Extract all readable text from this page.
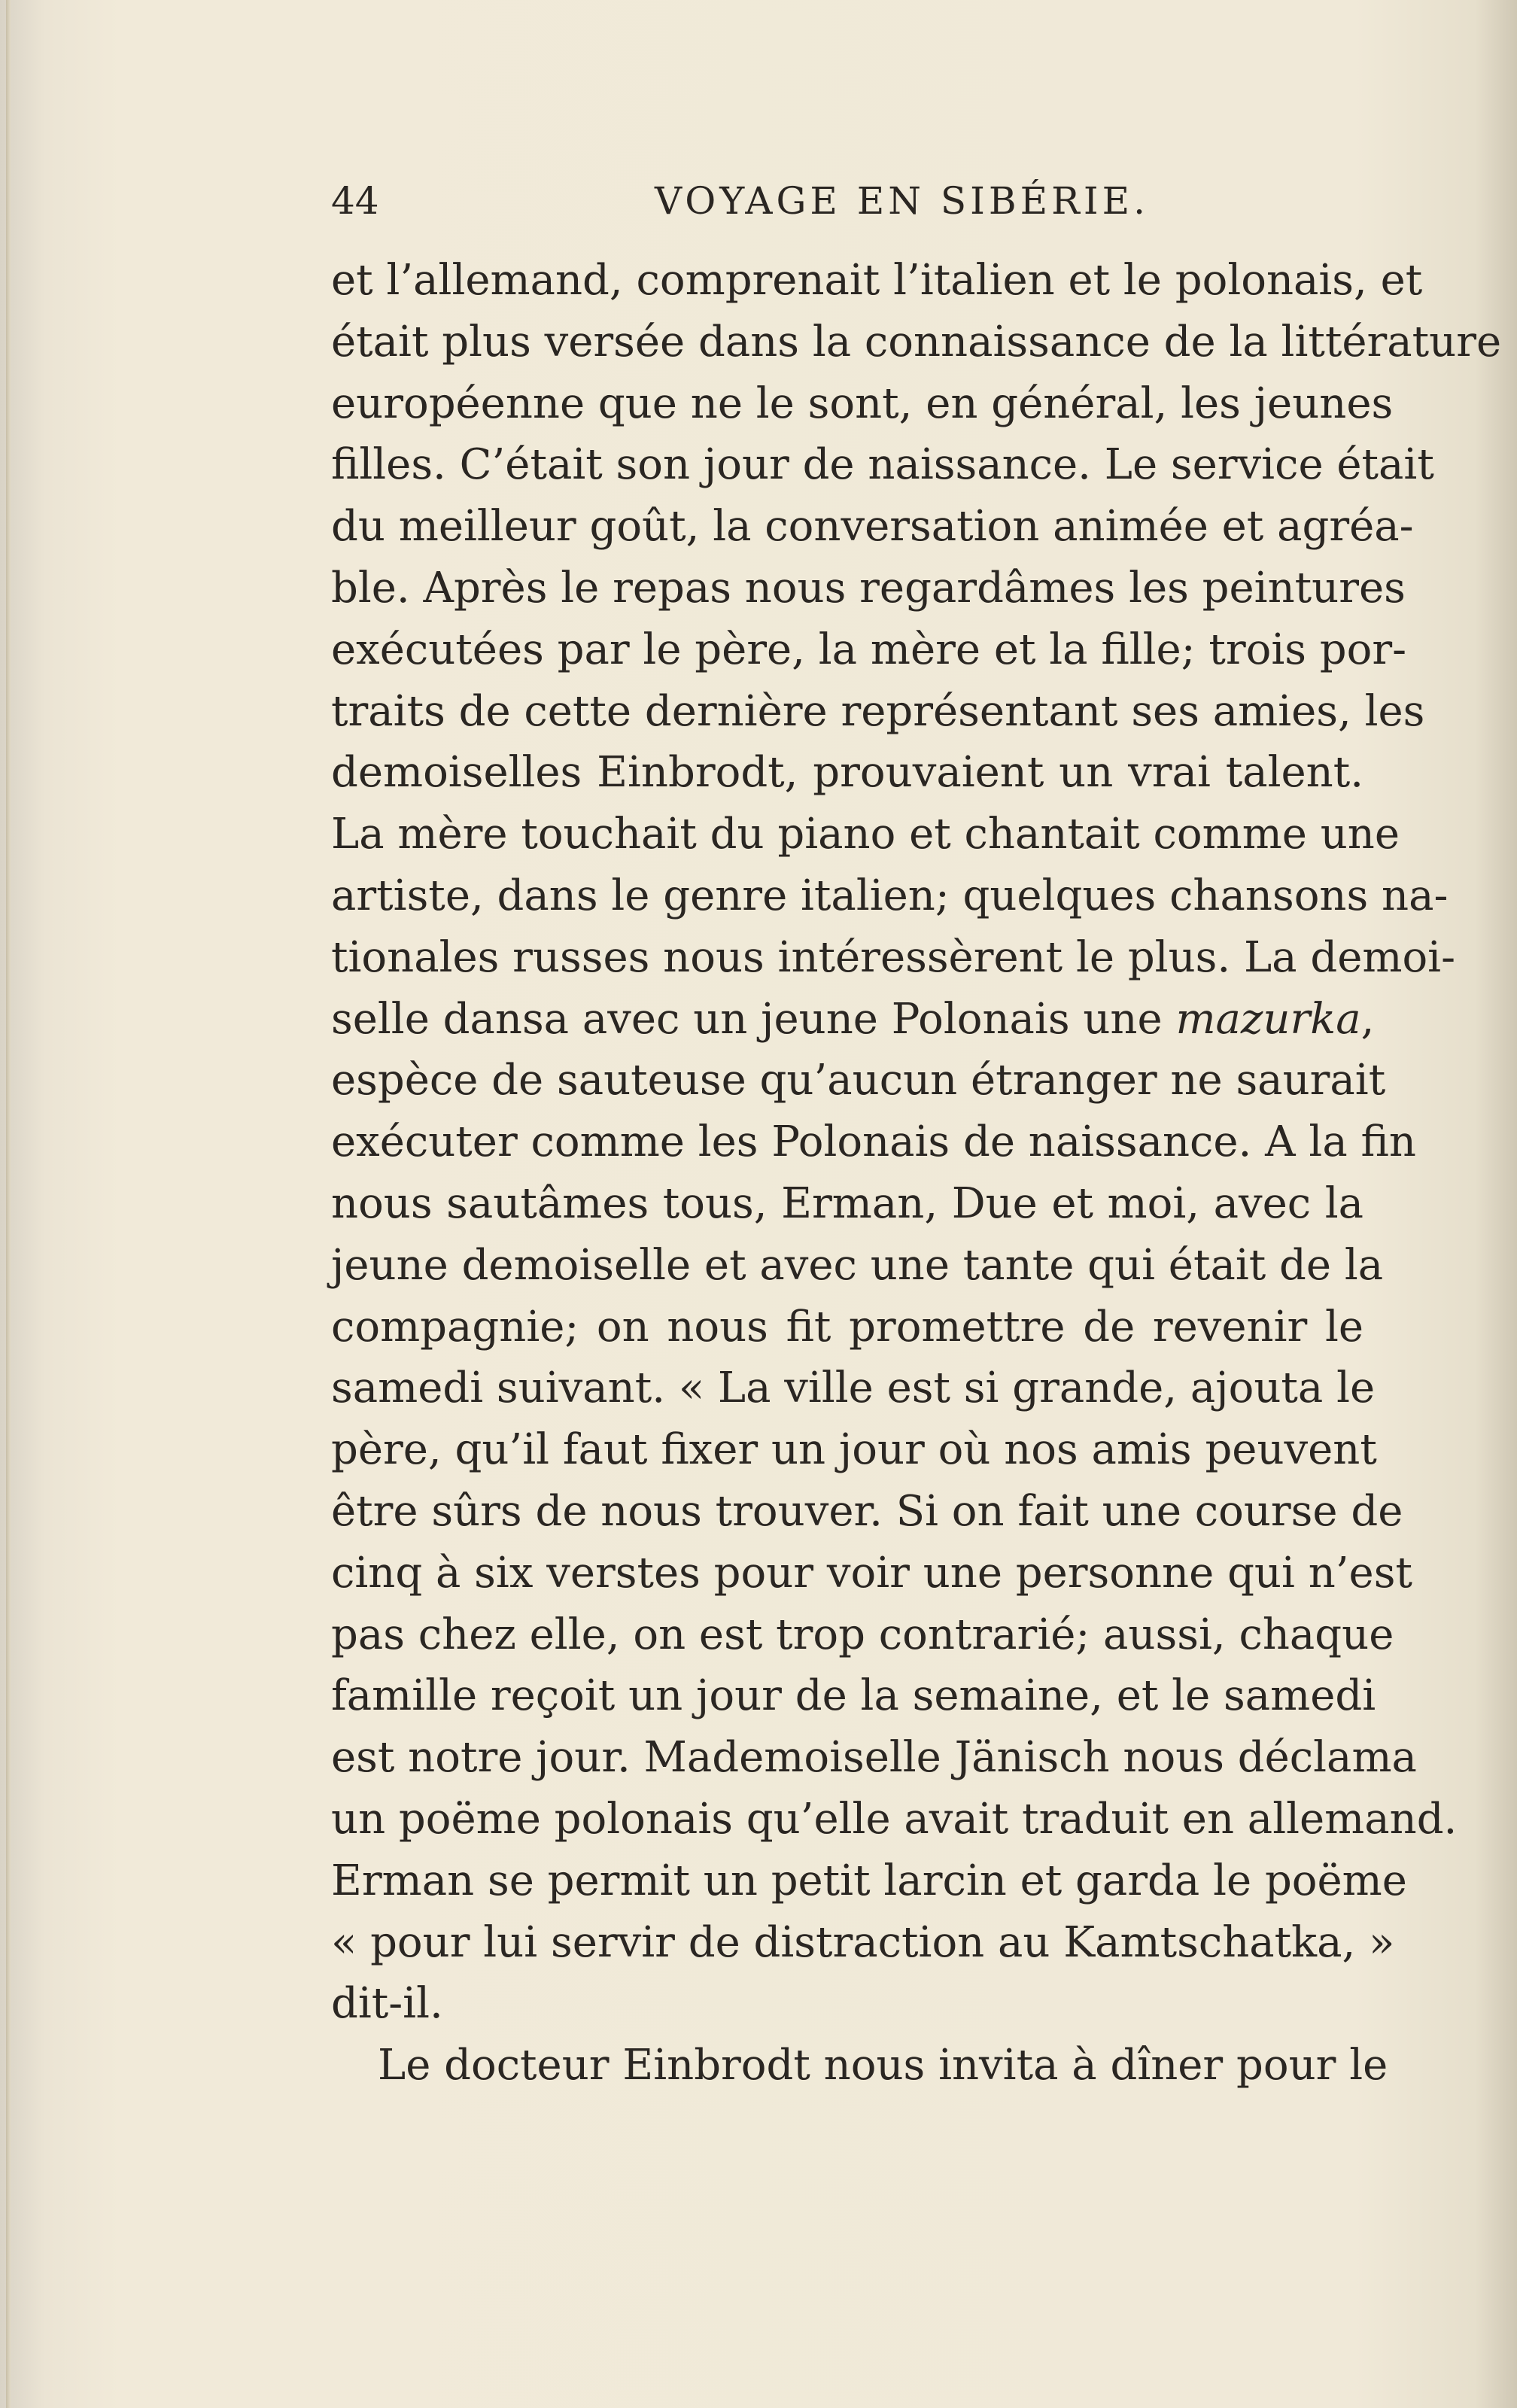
44	VOYAGE EN SIBÉRIE.
et l’allemand, comprenait l’italien et le polonais, et
était plus versée dans la connaissance de la littérature
européenne que ne le sont, en général, les jeunes
filles. C’était son jour de naissance. Le service était
du meilleur goût, la conversation animée et agréa-
ble. Après le repas nous regardâmes les peintures
exécutées par le père, la mère et la fille; trois por-
traits de cette dernière représentant ses amies, les
demoiselles Einbrodt, prouvaient un vrai talent.
La mère touchait du piano et chantait comme une
artiste, dans le genre italien; quelques chansons na-
tionales russes nous intéressèrent le plus. La demoi-
selle dansa avec un jeune Polonais une mazurka,
espèce de sauteuse qu’aucun étranger ne saurait
exécuter comme les Polonais de naissance. A la fin
nous sautâmes tous, Erman, Due et moi, avec la
jeune demoiselle et avec une tante qui était de la
compagnie; on nous fit promettre de revenir le
samedi suivant. « La ville est si grande, ajouta le
père, qu’il faut fixer un jour où nos amis peuvent
être sûrs de nous trouver. Si on fait une course de
cinq à six verstes pour voir une personne qui n’est
pas chez elle, on est trop contrarié; aussi, chaque
famille reçoit un jour de la semaine, et le samedi
est notre jour. Mademoiselle Jänisch nous déclama
un poëme polonais qu’elle avait traduit en allemand.
Erman se permit un petit larcin et garda le poëme
« pour lui servir de distraction au Kamtschatka, »
dit-il.
Le docteur Einbrodt nous invita à dîner pour le
